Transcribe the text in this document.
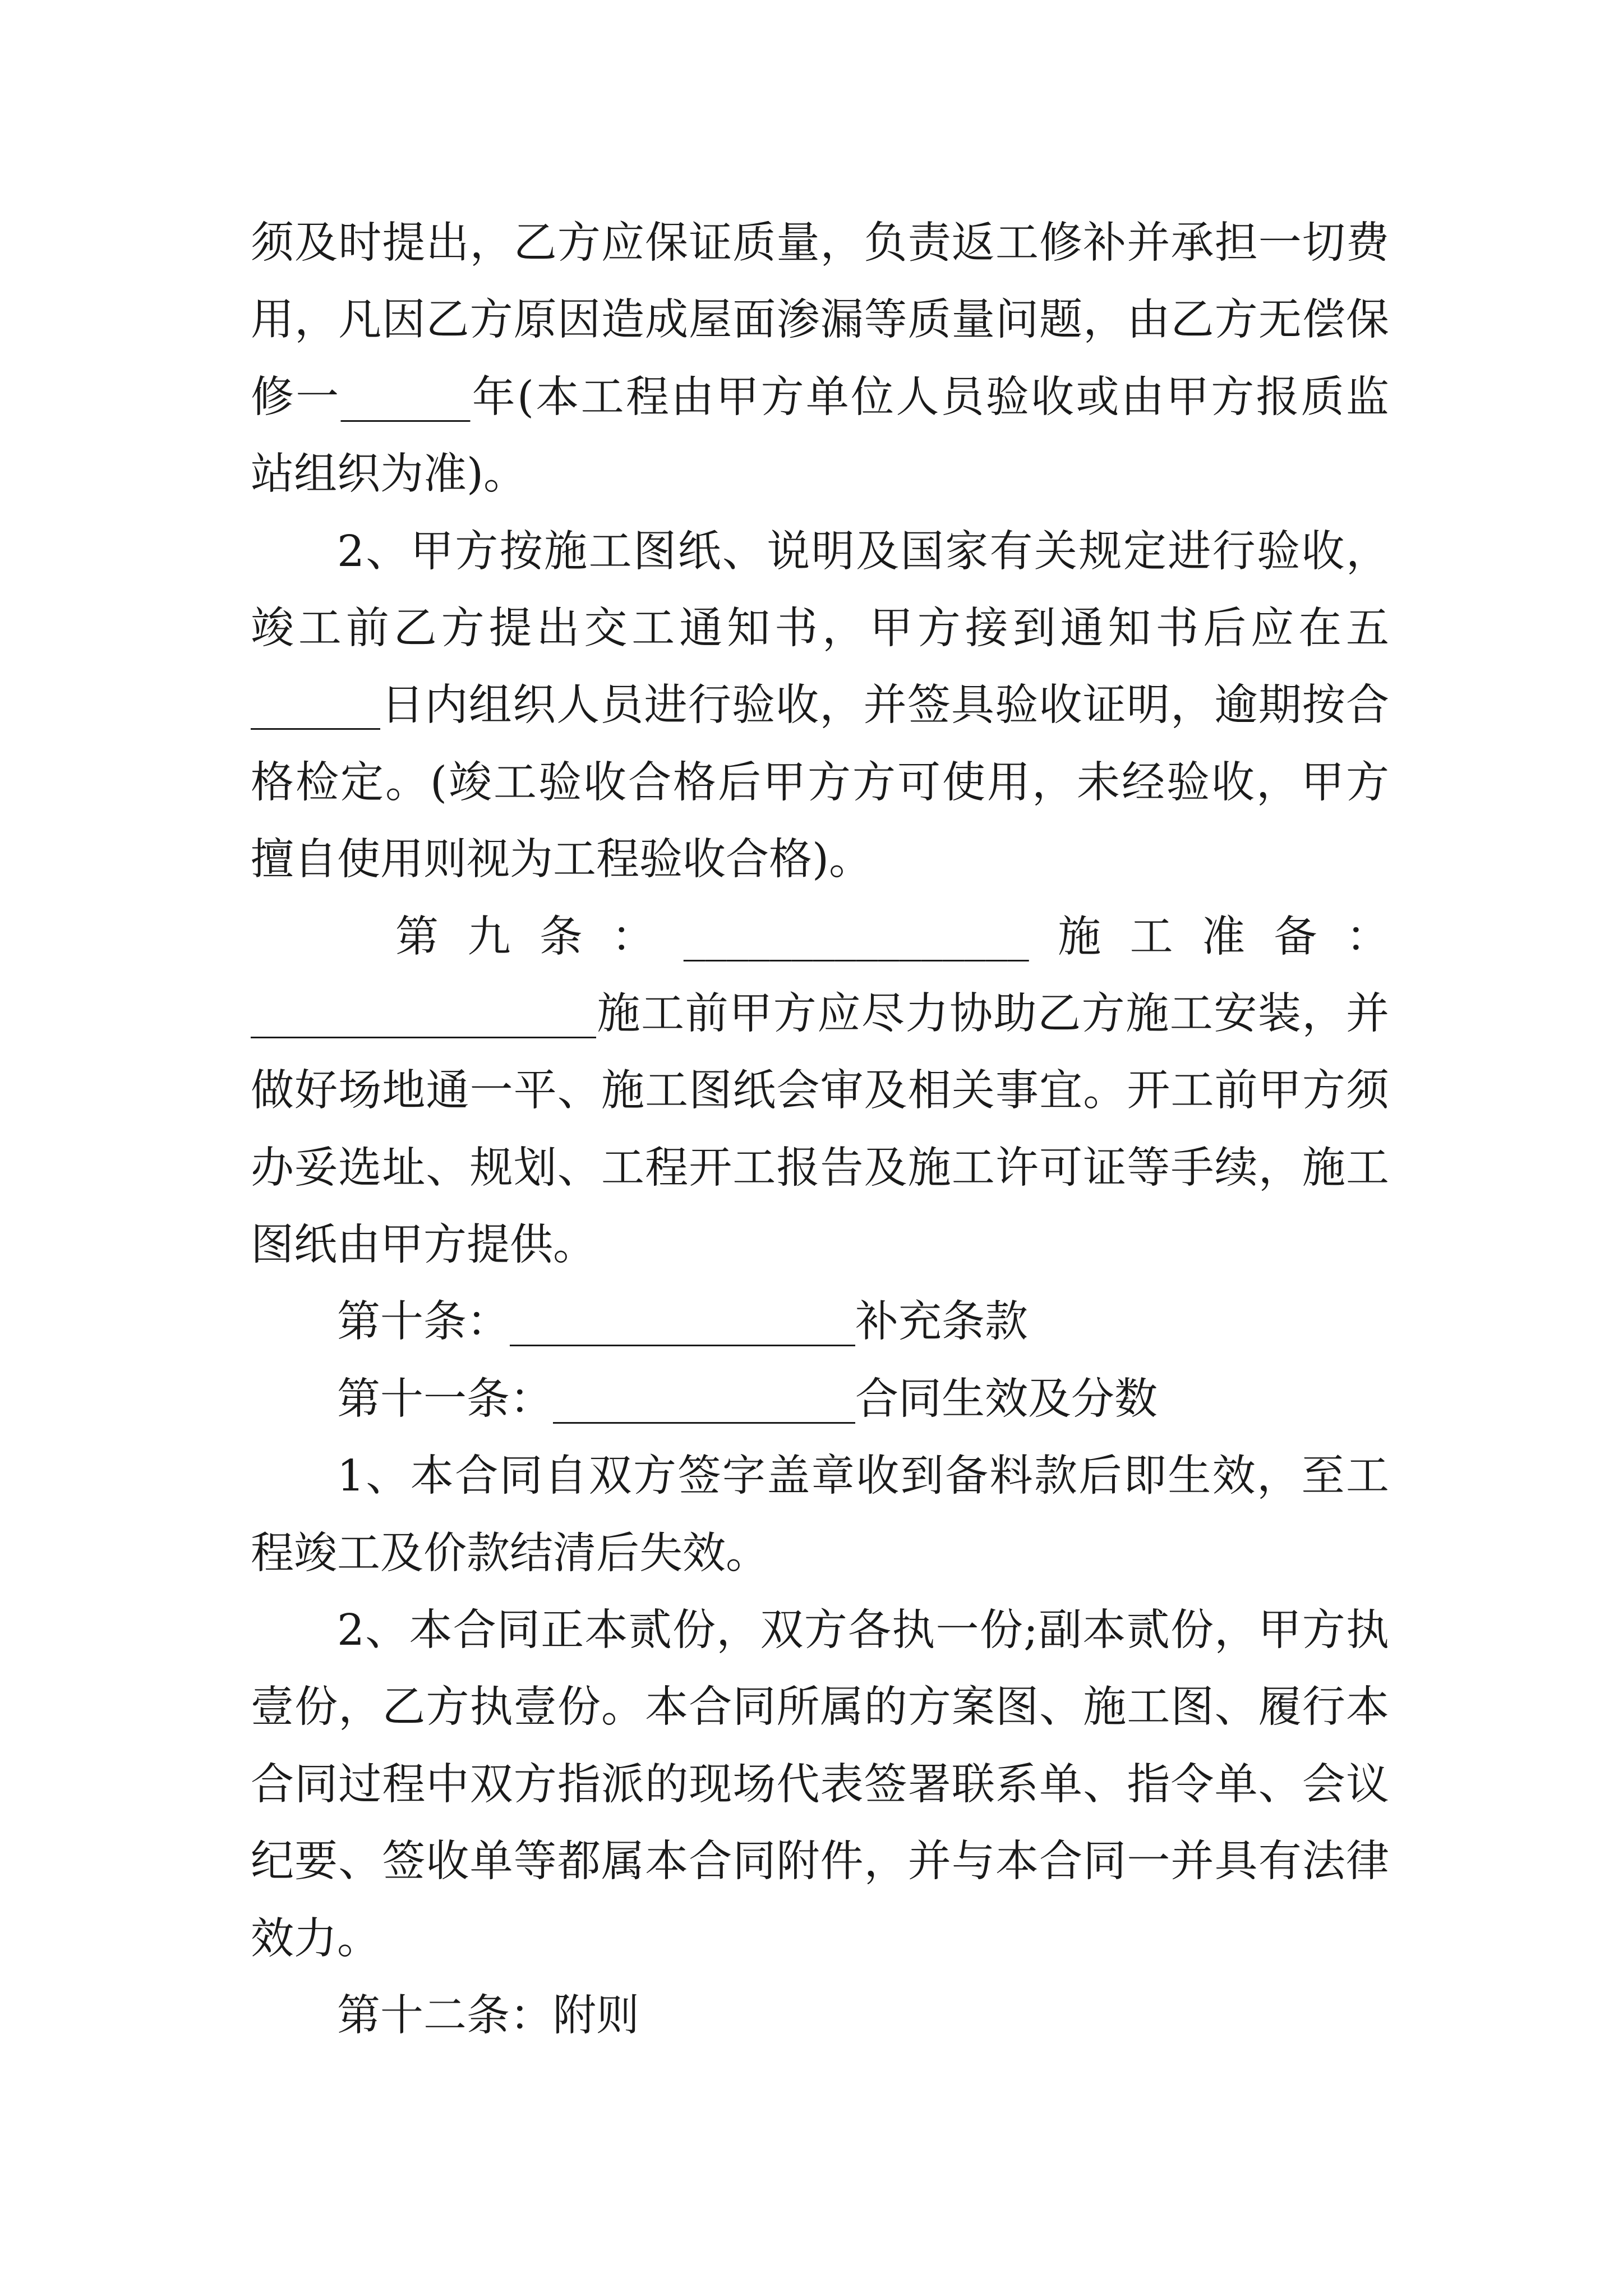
须及时提出，乙方应保证质量，负责返工修补并承担一切费
用，凡因乙方原因造成屋面渗漏等质量问题，由乙方无偿保
修一______年(本工程由甲方单位人员验收或由甲方报质监
站组织为准)。
2、甲方按施工图纸、说明及国家有关规定进行验收，
竣工前乙方提出交工通知书，甲方接到通知书后应在五
______日内组织人员进行验收，并签具验收证明，逾期按合
格检定。(竣工验收合格后甲方方可使用，未经验收，甲方
擅自使用则视为工程验收合格)。
第九条：________________施工准备：
________________施工前甲方应尽力协助乙方施工安装，并
做好场地通一平、施工图纸会审及相关事宜。开工前甲方须
办妥选址、规划、工程开工报告及施工许可证等手续，施工
图纸由甲方提供。
第十条：________________补充条款
第十一条：______________合同生效及分数
1、本合同自双方签字盖章收到备料款后即生效，至工
程竣工及价款结清后失效。
2、本合同正本贰份，双方各执一份;副本贰份，甲方执
壹份，乙方执壹份。本合同所属的方案图、施工图、履行本
合同过程中双方指派的现场代表签署联系单、指令单、会议
纪要、签收单等都属本合同附件，并与本合同一并具有法律
效力。
第十二条：附则
